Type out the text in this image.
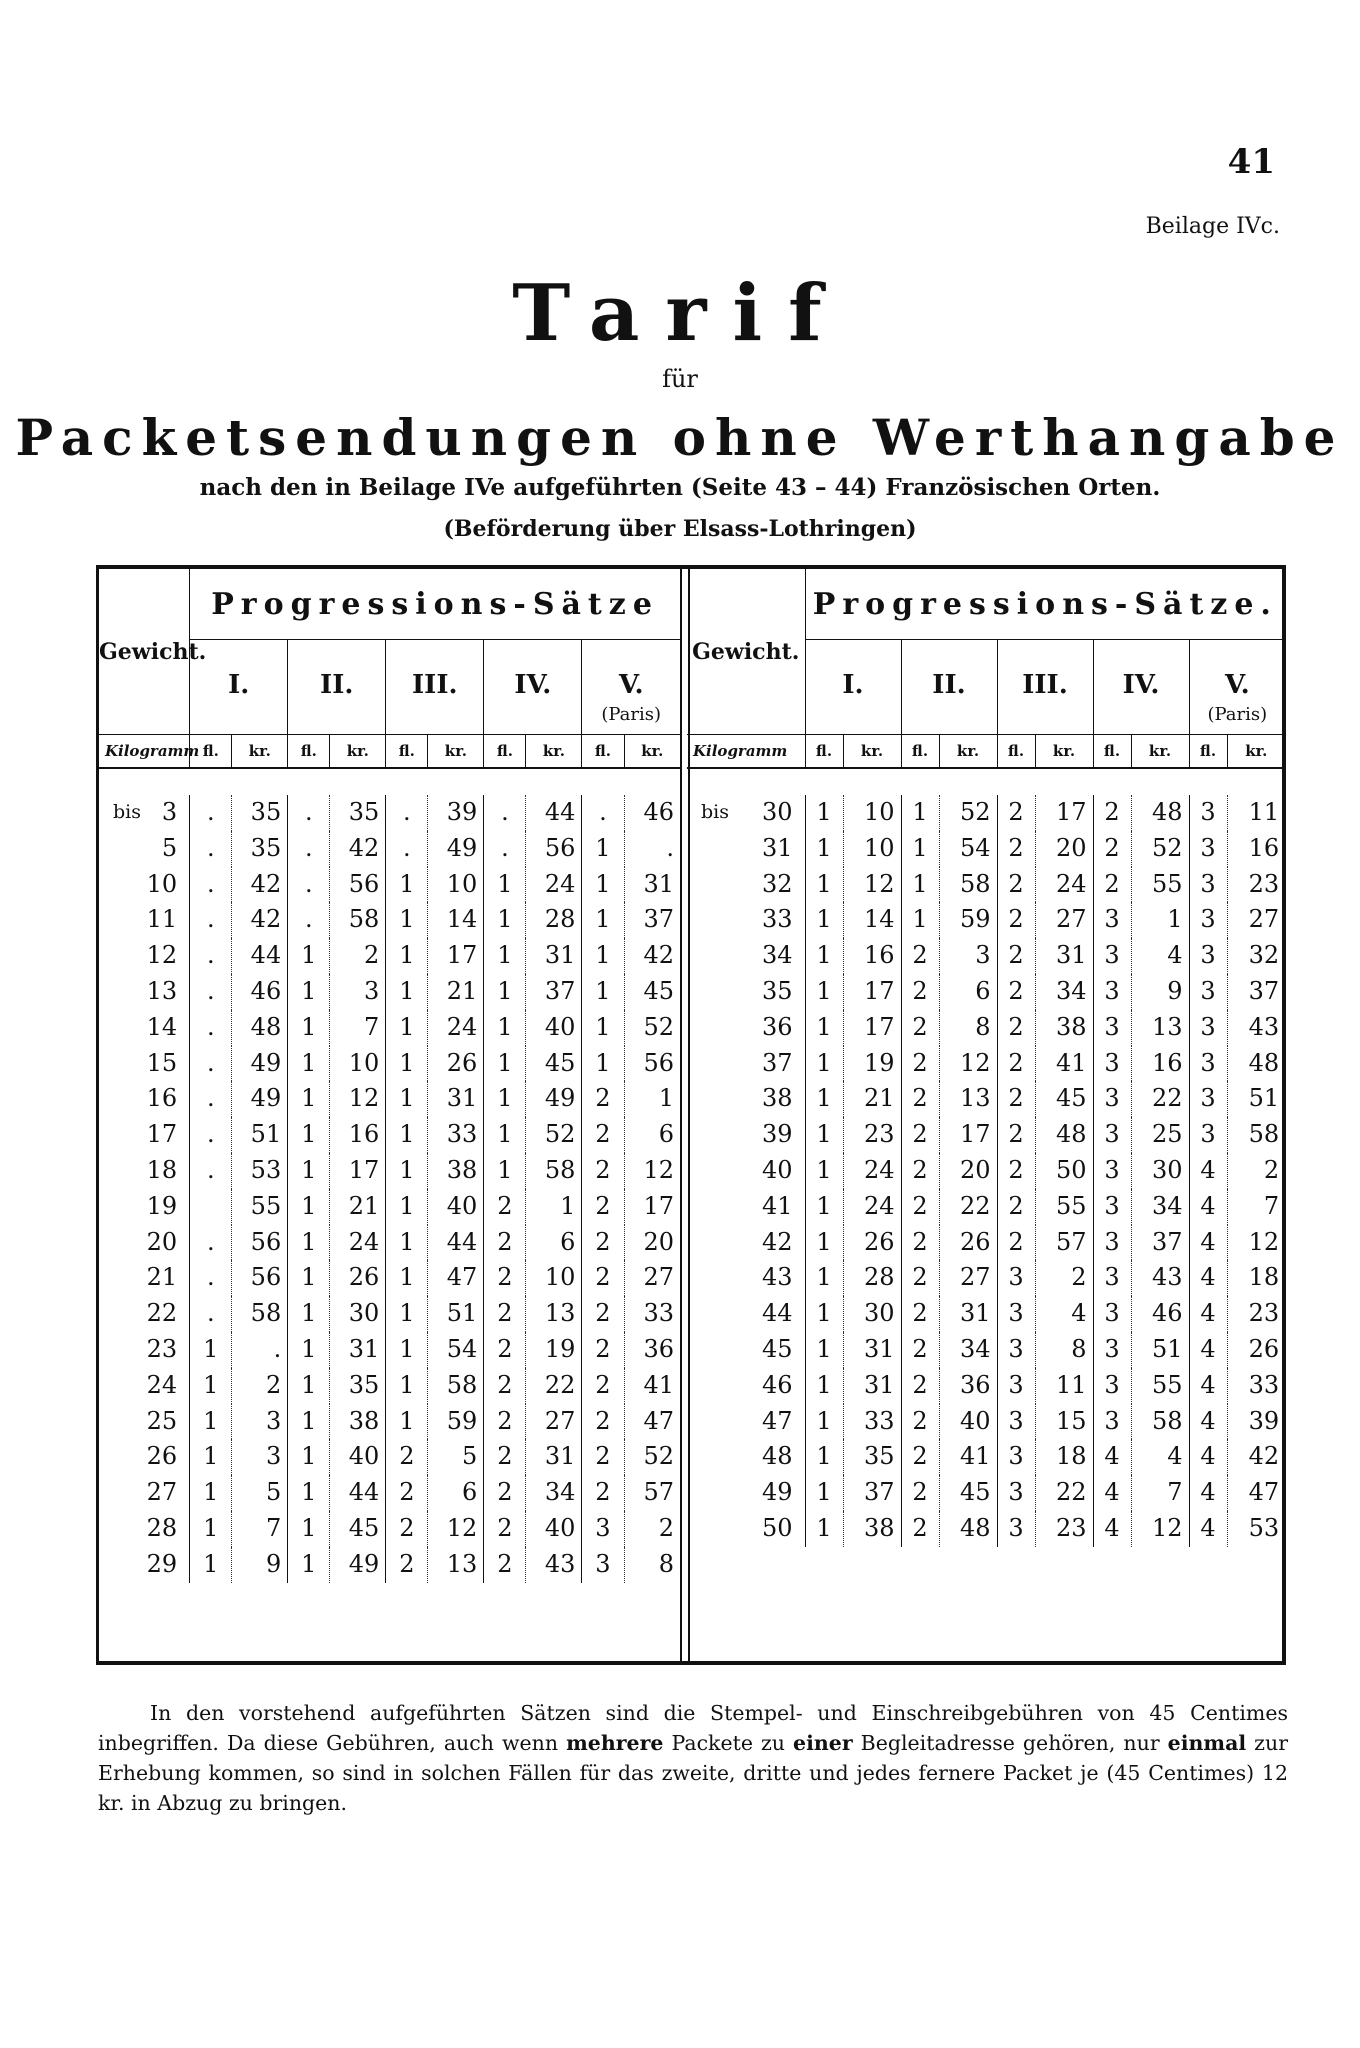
41
Beilage IVc.
Tarif
für
Packetsendungen ohne Werthangabe
nach den in Beilage IVe aufgeführten (Seite 43 – 44) Französischen Orten.
(Beförderung über Elsass-Lothringen)
Gewicht.	Progressions-Sätze									
	I.		II.		III.		IV.		V.
(Paris)	

Kilogramm	fl.	kr.	fl.	kr.	fl.	kr.	fl.	kr.	fl.	kr.

bis 3	.	35	.	35	.	39	.	44	.	46
5	.	35	.	42	.	49	.	56	1	.
10	.	42	.	56	1	10	1	24	1	31
11	.	42	.	58	1	14	1	28	1	37
12	.	44	1	2	1	17	1	31	1	42
13	.	46	1	3	1	21	1	37	1	45
14	.	48	1	7	1	24	1	40	1	52
15	.	49	1	10	1	26	1	45	1	56
16	.	49	1	12	1	31	1	49	2	1
17	.	51	1	16	1	33	1	52	2	6
18	.	53	1	17	1	38	1	58	2	12
19		55	1	21	1	40	2	1	2	17
20	.	56	1	24	1	44	2	6	2	20
21	.	56	1	26	1	47	2	10	2	27
22	.	58	1	30	1	51	2	13	2	33
23	1	.	1	31	1	54	2	19	2	36
24	1	2	1	35	1	58	2	22	2	41
25	1	3	1	38	1	59	2	27	2	47
26	1	3	1	40	2	5	2	31	2	52
27	1	5	1	44	2	6	2	34	2	57
28	1	7	1	45	2	12	2	40	3	2
29	1	9	1	49	2	13	2	43	3	8
Gewicht.	Progressions-Sätze.									
	I.		II.		III.		IV.		V.
(Paris)	

Kilogramm	fl.	kr.	fl.	kr.	fl.	kr.	fl.	kr.	fl.	kr.

bis 30	1	10	1	52	2	17	2	48	3	11
31	1	10	1	54	2	20	2	52	3	16
32	1	12	1	58	2	24	2	55	3	23
33	1	14	1	59	2	27	3	1	3	27
34	1	16	2	3	2	31	3	4	3	32
35	1	17	2	6	2	34	3	9	3	37
36	1	17	2	8	2	38	3	13	3	43
37	1	19	2	12	2	41	3	16	3	48
38	1	21	2	13	2	45	3	22	3	51
39	1	23	2	17	2	48	3	25	3	58
40	1	24	2	20	2	50	3	30	4	2
41	1	24	2	22	2	55	3	34	4	7
42	1	26	2	26	2	57	3	37	4	12
43	1	28	2	27	3	2	3	43	4	18
44	1	30	2	31	3	4	3	46	4	23
45	1	31	2	34	3	8	3	51	4	26
46	1	31	2	36	3	11	3	55	4	33
47	1	33	2	40	3	15	3	58	4	39
48	1	35	2	41	3	18	4	4	4	42
49	1	37	2	45	3	22	4	7	4	47
50	1	38	2	48	3	23	4	12	4	53
In den vorstehend aufgeführten Sätzen sind die Stempel- und Einschreibgebühren von 45 Centimes inbegriffen. Da diese Gebühren, auch wenn mehrere Packete zu einer Begleitadresse gehören, nur einmal zur Erhebung kommen, so sind in solchen Fällen für das zweite, dritte und jedes fernere Packet je (45 Centimes) 12 kr. in Abzug zu bringen.
